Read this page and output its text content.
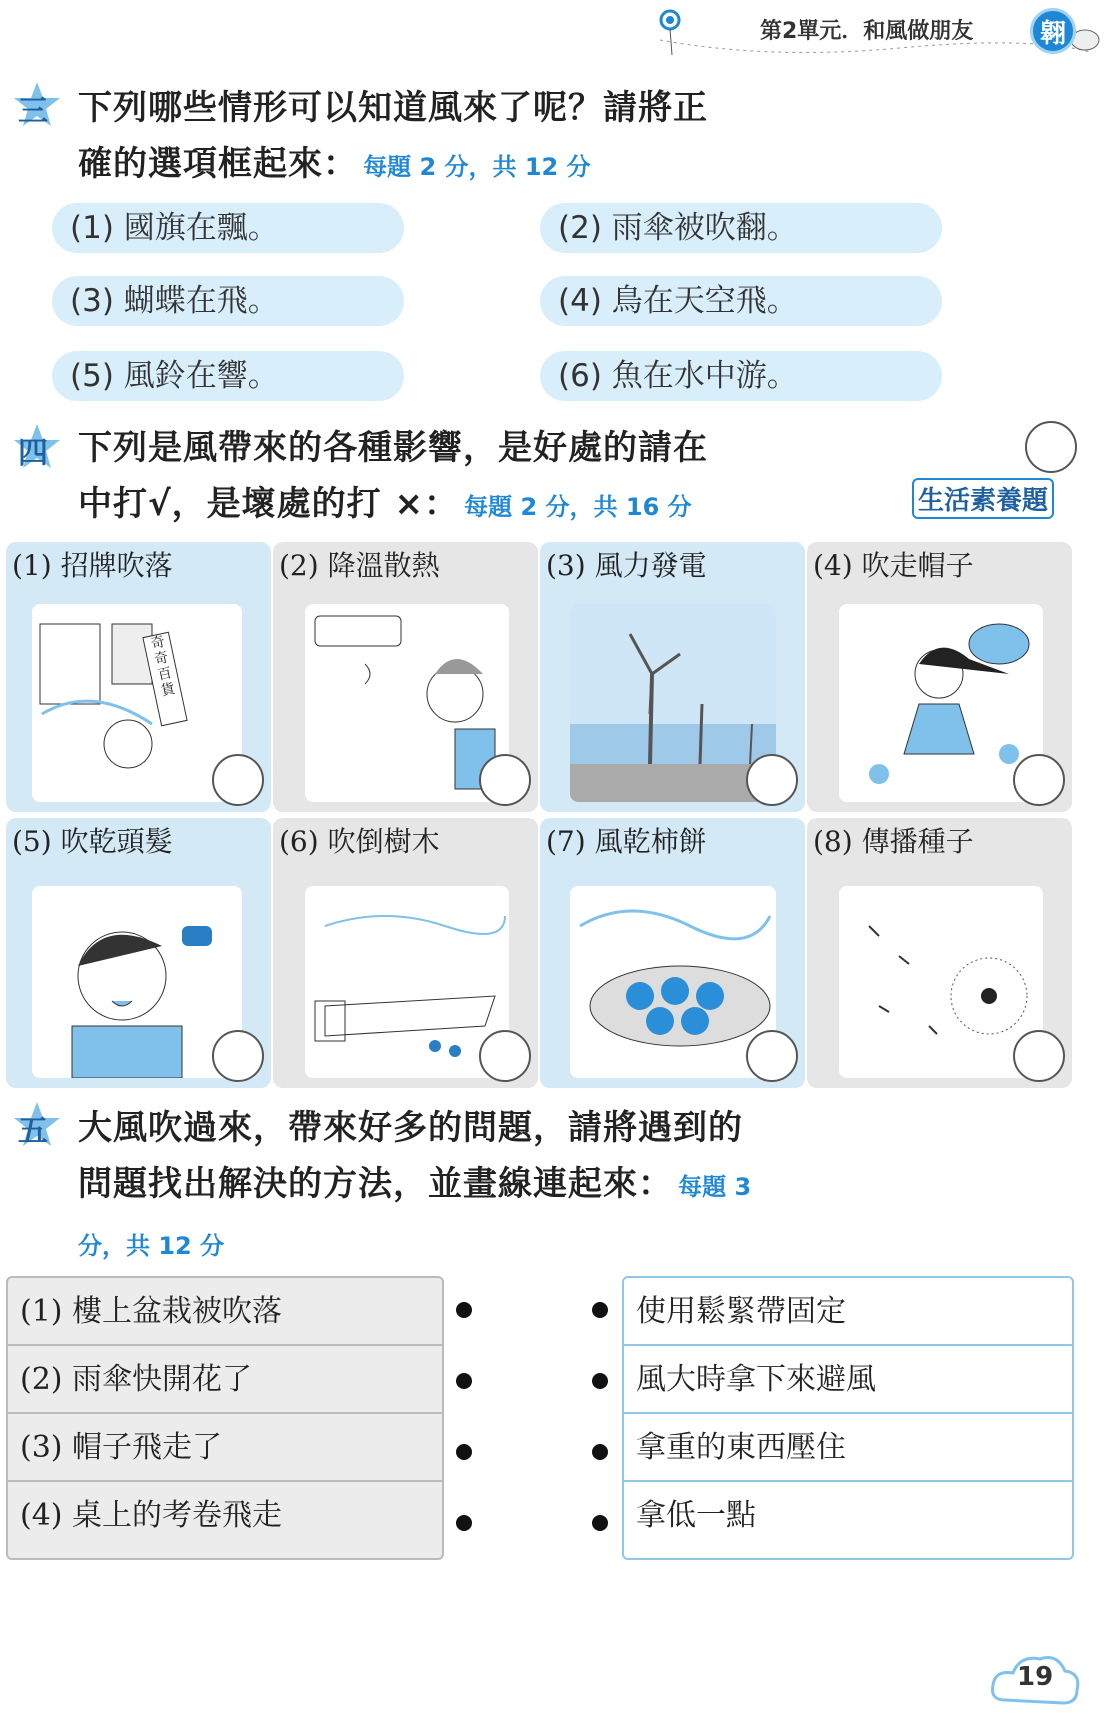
第2單元．和風做朋友	翱
三 下列哪些情形可以知道風來了呢？請將正
確的選項框起來： 每題 2 分，共 12 分
(1) 國旗在飄。	(2) 雨傘被吹翻。
(3) 蝴蝶在飛。	(4) 鳥在天空飛。
(5) 風鈴在響。	(6) 魚在水中游。
四 下列是風帶來的各種影響，是好處的請在
中打√，是壞處的打 ×： 每題 2 分，共 16 分	生活素養題
(1) 招牌吹落
奇奇百貨
(2) 降溫散熱	(3) 風力發電	(4) 吹走帽子
(5) 吹乾頭髮	(6) 吹倒樹木	(7) 風乾柿餅	(8) 傳播種子
五 大風吹過來，帶來好多的問題，請將遇到的
問題找出解決的方法，並畫線連起來： 每題 3
分，共 12 分
(1) 樓上盆栽被吹落
(2) 雨傘快開花了
(3) 帽子飛走了
(4) 桌上的考卷飛走
使用鬆緊帶固定
風大時拿下來避風
拿重的東西壓住
拿低一點
19
